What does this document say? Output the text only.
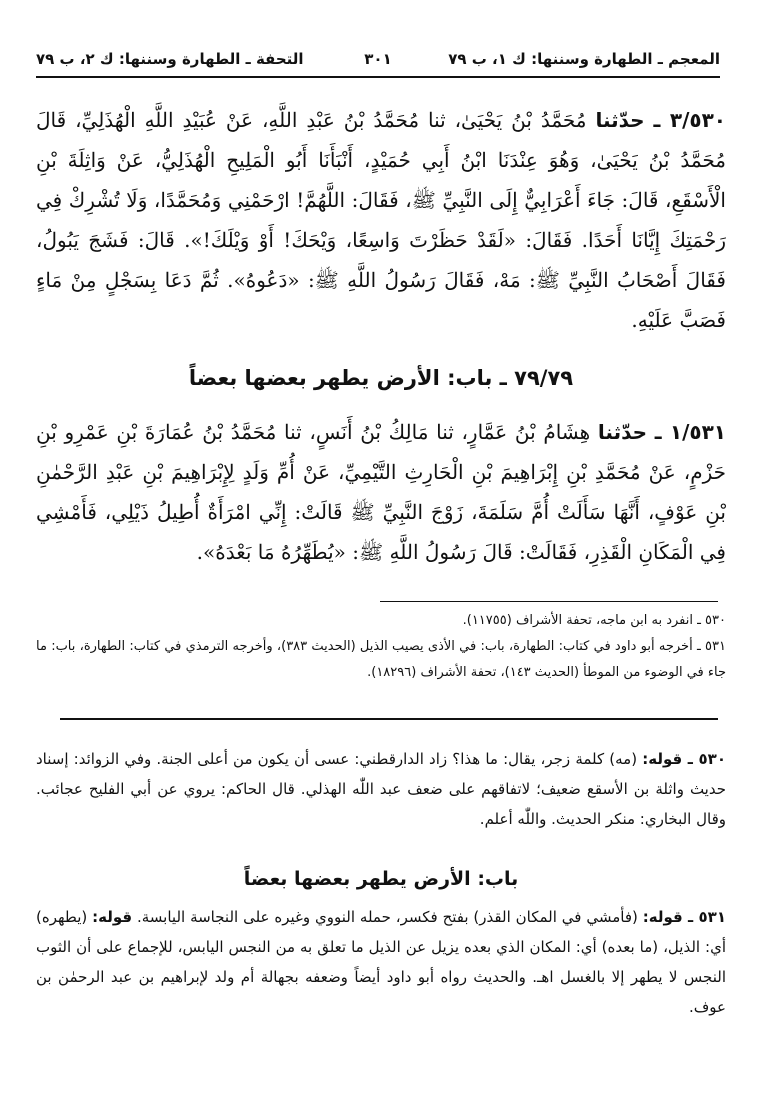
المعجم ـ الطهارة وسننها: ك ١، ب ٧٩
٣٠١
التحفة ـ الطهارة وسننها: ك ٢، ب ٧٩
٣/٥٣٠ ـ حدّثنا مُحَمَّدُ بْنُ يَحْيَىٰ، ثنا مُحَمَّدُ بْنُ عَبْدِ اللَّهِ، عَنْ عُبَيْدِ اللَّهِ الْهُذَلِيِّ، قَالَ مُحَمَّدُ بْنُ يَحْيَىٰ، وَهُوَ عِنْدَنَا ابْنُ أَبِي حُمَيْدٍ، أَنْبَأَنَا أَبُو الْمَلِيحِ الْهُذَلِيُّ، عَنْ وَاثِلَةَ بْنِ الْأَسْقَعِ، قَالَ: جَاءَ أَعْرَابِيٌّ إِلَى النَّبِيِّ ﷺ، فَقَالَ: اللَّهُمَّ! ارْحَمْنِي وَمُحَمَّدًا، وَلَا تُشْرِكْ فِي رَحْمَتِكَ إِيَّانَا أَحَدًا. فَقَالَ: «لَقَدْ حَظَرْتَ وَاسِعًا، وَيْحَكَ! أَوْ وَيْلَكَ!». قَالَ: فَشَجَ يَبُولُ، فَقَالَ أَصْحَابُ النَّبِيِّ ﷺ: مَهْ، فَقَالَ رَسُولُ اللَّهِ ﷺ: «دَعُوهُ». ثُمَّ دَعَا بِسَجْلٍ مِنْ مَاءٍ فَصَبَّ عَلَيْهِ.
٧٩/٧٩ ـ باب: الأرض يطهر بعضها بعضاً
١/٥٣١ ـ حدّثنا هِشَامُ بْنُ عَمَّارٍ، ثنا مَالِكُ بْنُ أَنَسٍ، ثنا مُحَمَّدُ بْنُ عُمَارَةَ بْنِ عَمْرِو بْنِ حَزْمٍ، عَنْ مُحَمَّدِ بْنِ إِبْرَاهِيمَ بْنِ الْحَارِثِ التَّيْمِيِّ، عَنْ أُمِّ وَلَدٍ لِإِبْرَاهِيمَ بْنِ عَبْدِ الرَّحْمٰنِ بْنِ عَوْفٍ، أَنَّهَا سَأَلَتْ أُمَّ سَلَمَةَ، زَوْجَ النَّبِيِّ ﷺ قَالَتْ: إِنِّي امْرَأَةٌ أُطِيلُ ذَيْلِي، فَأَمْشِي فِي الْمَكَانِ الْقَذِرِ، فَقَالَتْ: قَالَ رَسُولُ اللَّهِ ﷺ: «يُطَهِّرُهُ مَا بَعْدَهُ».

٥٣٠ ـ انفرد به ابن ماجه، تحفة الأشراف (١١٧٥٥).

٥٣١ ـ أخرجه أبو داود في كتاب: الطهارة، باب: في الأذى يصيب الذيل (الحديث ٣٨٣)، وأخرجه الترمذي في كتاب: الطهارة، باب: ما جاء في الوضوء من الموطأ (الحديث ١٤٣)، تحفة الأشراف (١٨٢٩٦).

٥٣٠ ـ قوله: (مه) كلمة زجر، يقال: ما هذا؟ زاد الدارقطني: عسى أن يكون من أعلى الجنة. وفي الزوائد: إسناد حديث واثلة بن الأسقع ضعيف؛ لاتفاقهم على ضعف عبد اللّٰه الهذلي. قال الحاكم: يروي عن أبي الفليح عجائب. وقال البخاري: منكر الحديث. واللّٰه أعلم.

باب: الأرض يطهر بعضها بعضاً

٥٣١ ـ قوله: (فأمشي في المكان القذر) بفتح فكسر، حمله النووي وغيره على النجاسة اليابسة. قوله: (يطهره) أي: الذيل، (ما بعده) أي: المكان الذي بعده يزيل عن الذيل ما تعلق به من النجس اليابس، للإجماع على أن الثوب النجس لا يطهر إلا بالغسل اهـ. والحديث رواه أبو داود أيضاً وضعفه بجهالة أم ولد لإبراهيم بن عبد الرحمٰن بن عوف.
